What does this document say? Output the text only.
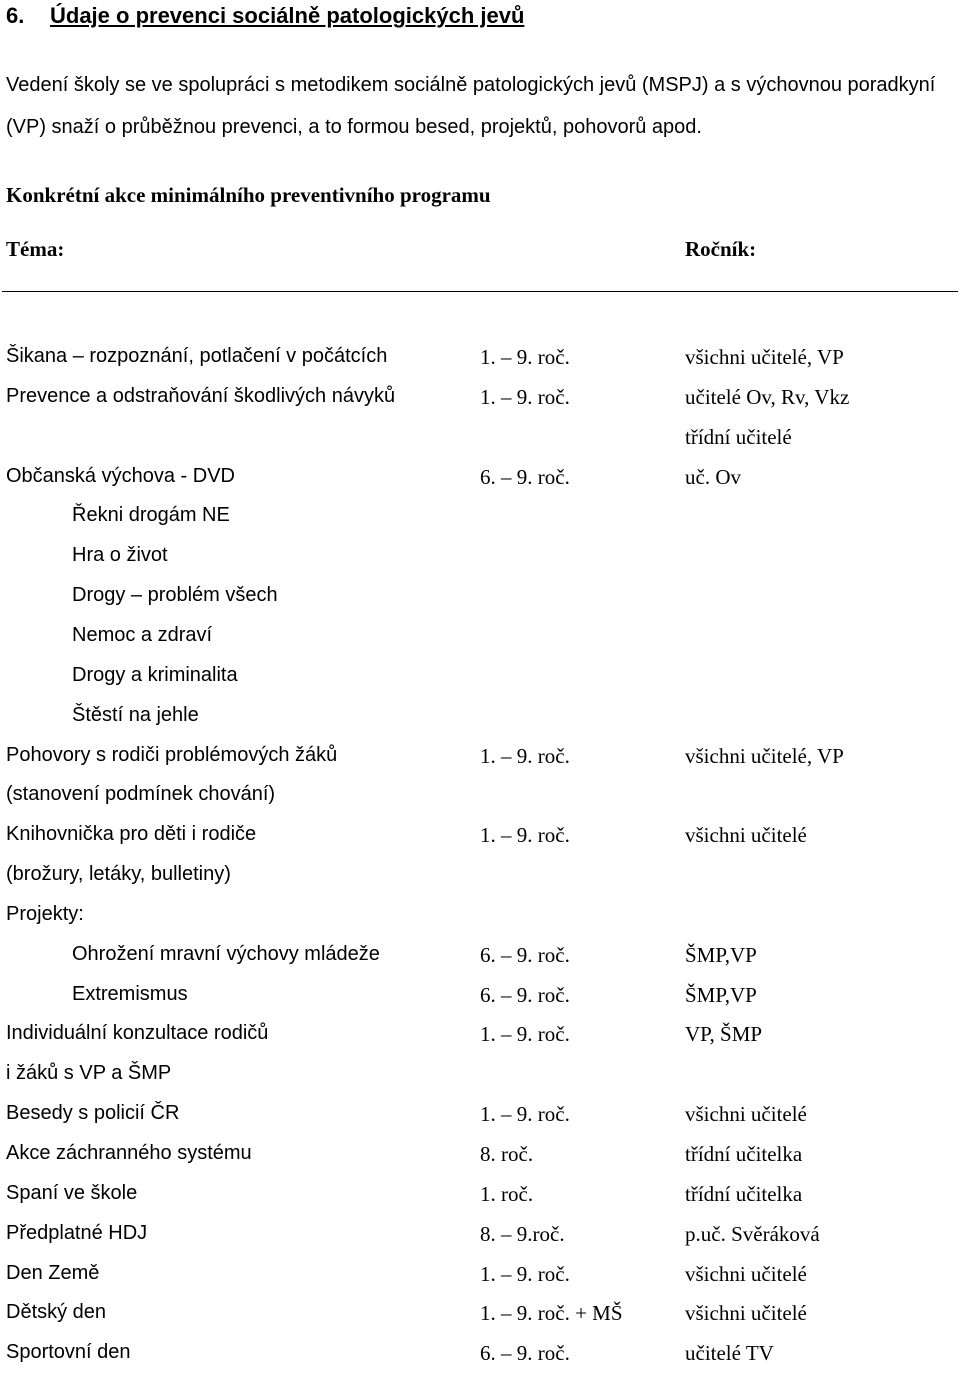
6. Údaje o prevenci sociálně patologických jevů
Vedení školy se ve spolupráci s metodikem sociálně patologických jevů (MSPJ) a s výchovnou poradkyní (VP) snaží o průběžnou prevenci, a to formou besed, projektů, pohovorů apod.
Konkrétní akce minimálního preventivního programu
Téma:	Ročník:
Šikana – rozpoznání, potlačení v počátcích	1. – 9. roč.	všichni učitelé, VP
Prevence a odstraňování škodlivých návyků	1. – 9. roč.	učitelé Ov, Rv, Vkz
třídní učitelé
Občanská výchova - DVD	6. – 9. roč.	uč. Ov
Řekni drogám NE
Hra o život
Drogy – problém všech
Nemoc a zdraví
Drogy a kriminalita
Štěstí na jehle
Pohovory s rodiči problémových žáků	1. – 9. roč.	všichni učitelé, VP
(stanovení podmínek chování)
Knihovnička pro děti i rodiče	1. – 9. roč.	všichni učitelé
(brožury, letáky, bulletiny)
Projekty:
Ohrožení mravní výchovy mládeže	6. – 9. roč.	ŠMP,VP
Extremismus	6. – 9. roč.	ŠMP,VP
Individuální konzultace rodičů	1. – 9. roč.	VP, ŠMP
i žáků s VP a ŠMP
Besedy s policií ČR	1. – 9. roč.	všichni učitelé
Akce záchranného systému	8. roč.	třídní učitelka
Spaní ve škole	1. roč.	třídní učitelka
Předplatné HDJ	8. – 9.roč.	p.uč. Svěráková
Den Země	1. – 9. roč.	všichni učitelé
Dětský den	1. – 9. roč. + MŠ	všichni učitelé
Sportovní den	6. – 9. roč.	učitelé TV
